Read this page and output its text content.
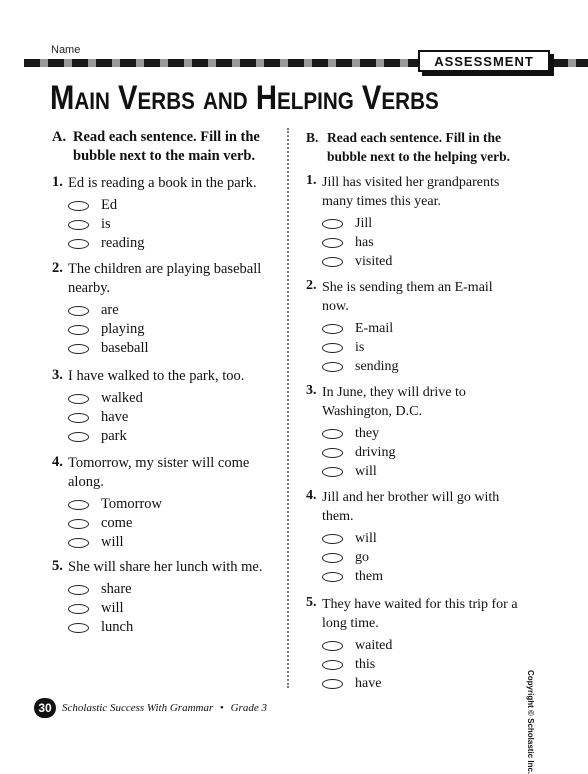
Name
ASSESSMENT
Main Verbs and Helping Verbs
A. Read each sentence. Fill in the
bubble next to the main verb.
1. Ed is reading a book in the park.
Ed
is
reading
2. The children are playing baseball
nearby.
are
playing
baseball
3. I have walked to the park, too.
walked
have
park
4. Tomorrow, my sister will come
along.
Tomorrow
come
will
5. She will share her lunch with me.
share
will
lunch
B. Read each sentence. Fill in the
bubble next to the helping verb.
1. Jill has visited her grandparents
many times this year.
Jill
has
visited
2. She is sending them an E-mail
now.
E-mail
is
sending
3. In June, they will drive to
Washington, D.C.
they
driving
will
4. Jill and her brother will go with
them.
will
go
them
5. They have waited for this trip for a
long time.
waited
this
have	Copyright © Scholastic Inc.
30 Scholastic Success With Grammar • Grade 3
